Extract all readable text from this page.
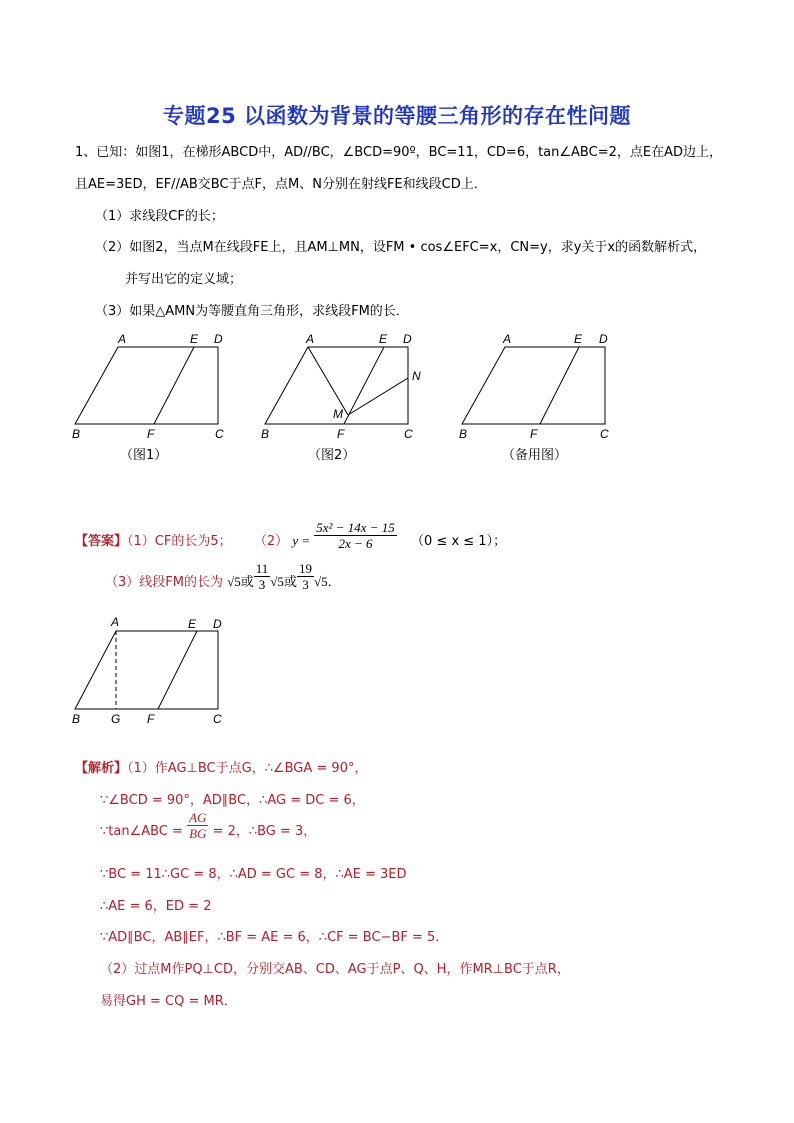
专题25 以函数为背景的等腰三角形的存在性问题
1、已知：如图1，在梯形ABCD中，AD//BC，∠BCD=90º，BC=11，CD=6，tan∠ABC=2，点E在AD边上，
且AE=3ED，EF//AB交BC于点F，点M、N分别在射线FE和线段CD上．
（1）求线段CF的长；
（2）如图2，当点M在线段FE上，且AM⊥MN，设FM • cos∠EFC=x，CN=y，求y关于x的函数解析式，
并写出它的定义域；
（3）如果△AMN为等腰直角三角形，求线段FM的长．
A	E D
B	F	C
（图1）
A	E D
N
M
B	F	C
（图2）
A	E D
B	F	C
（备用图）
【答案】（1）CF的长为5； （2） $y = \frac{\text{5x² − 14x − 15}}{2x - 6} (0 \le x \le 1)$；
（3）线段FM的长为 √5或 $\frac{11}{3} √5$或 $\frac{19}{3} √5$．
A	E D
B	G F	C
【解析】（1）作AG⊥BC于点G，∴∠BGA = 90°，
∵∠BCD = 90°，AD∥BC，∴AG = DC = 6，
∵tan∠ABC = $\frac{AG}{BG} = 2$，∴BG = 3，
∵BC = 11∴GC = 8，∴AD = GC = 8，∴AE = 3ED
∴AE = 6，ED = 2
∵AD∥BC，AB∥EF，∴BF = AE = 6，∴CF = BC−BF = 5．
（2）过点M作PQ⊥CD，分别交AB、CD、AG于点P、Q、H，作MR⊥BC于点R，
易得GH = CQ = MR．
